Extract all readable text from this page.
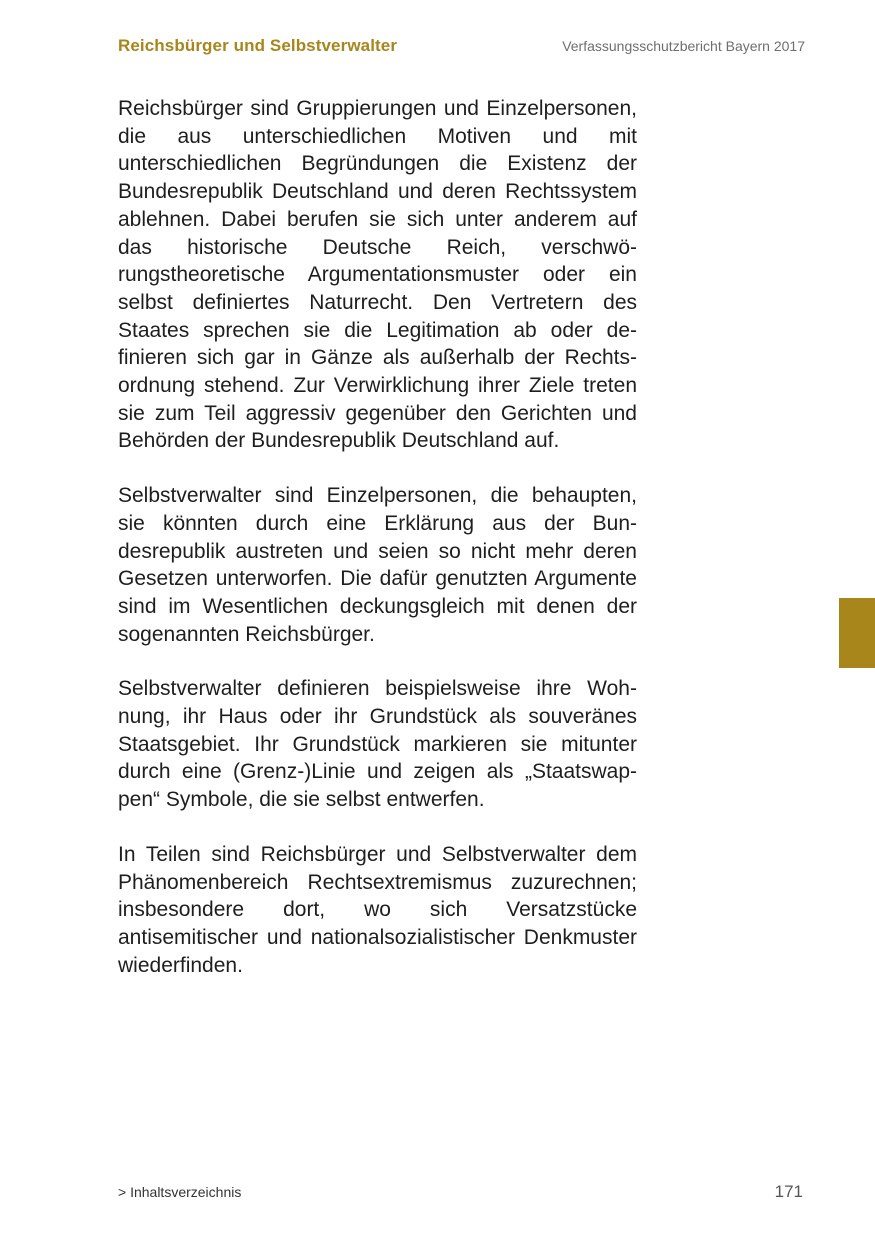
Reichsbürger und Selbstverwalter	Verfassungsschutzbericht Bayern 2017

Reichsbürger sind Gruppierungen und Einzelpersonen, die aus unterschiedlichen Motiven und mit unterschiedlichen Begründungen die Existenz der Bundesrepublik Deutschland und deren Rechtssystem ablehnen. Dabei berufen sie sich unter anderem auf das historische Deutsche Reich, verschwörungstheoretische Argumentationsmuster oder ein selbst definiertes Naturrecht. Den Vertretern des Staates sprechen sie die Legitimation ab oder definieren sich gar in Gänze als außerhalb der Rechtsordnung stehend. Zur Verwirklichung ihrer Ziele treten sie zum Teil aggressiv gegenüber den Gerichten und Behörden der Bundesrepublik Deutschland auf.

Selbstverwalter sind Einzelpersonen, die behaupten, sie könnten durch eine Erklärung aus der Bundesrepublik austreten und seien so nicht mehr deren Gesetzen unterworfen. Die dafür genutzten Argumente sind im Wesentlichen deckungsgleich mit denen der sogenannten Reichsbürger.

Selbstverwalter definieren beispielsweise ihre Wohnung, ihr Haus oder ihr Grundstück als souveränes Staatsgebiet. Ihr Grundstück markieren sie mitunter durch eine (Grenz-)Linie und zeigen als „Staatswappen“ Symbole, die sie selbst entwerfen.

In Teilen sind Reichsbürger und Selbstverwalter dem Phänomenbereich Rechtsextremismus zuzurechnen; insbesondere dort, wo sich Versatzstücke antisemitischer und nationalsozialistischer Denkmuster wiederfinden.

> Inhaltsverzeichnis	171
